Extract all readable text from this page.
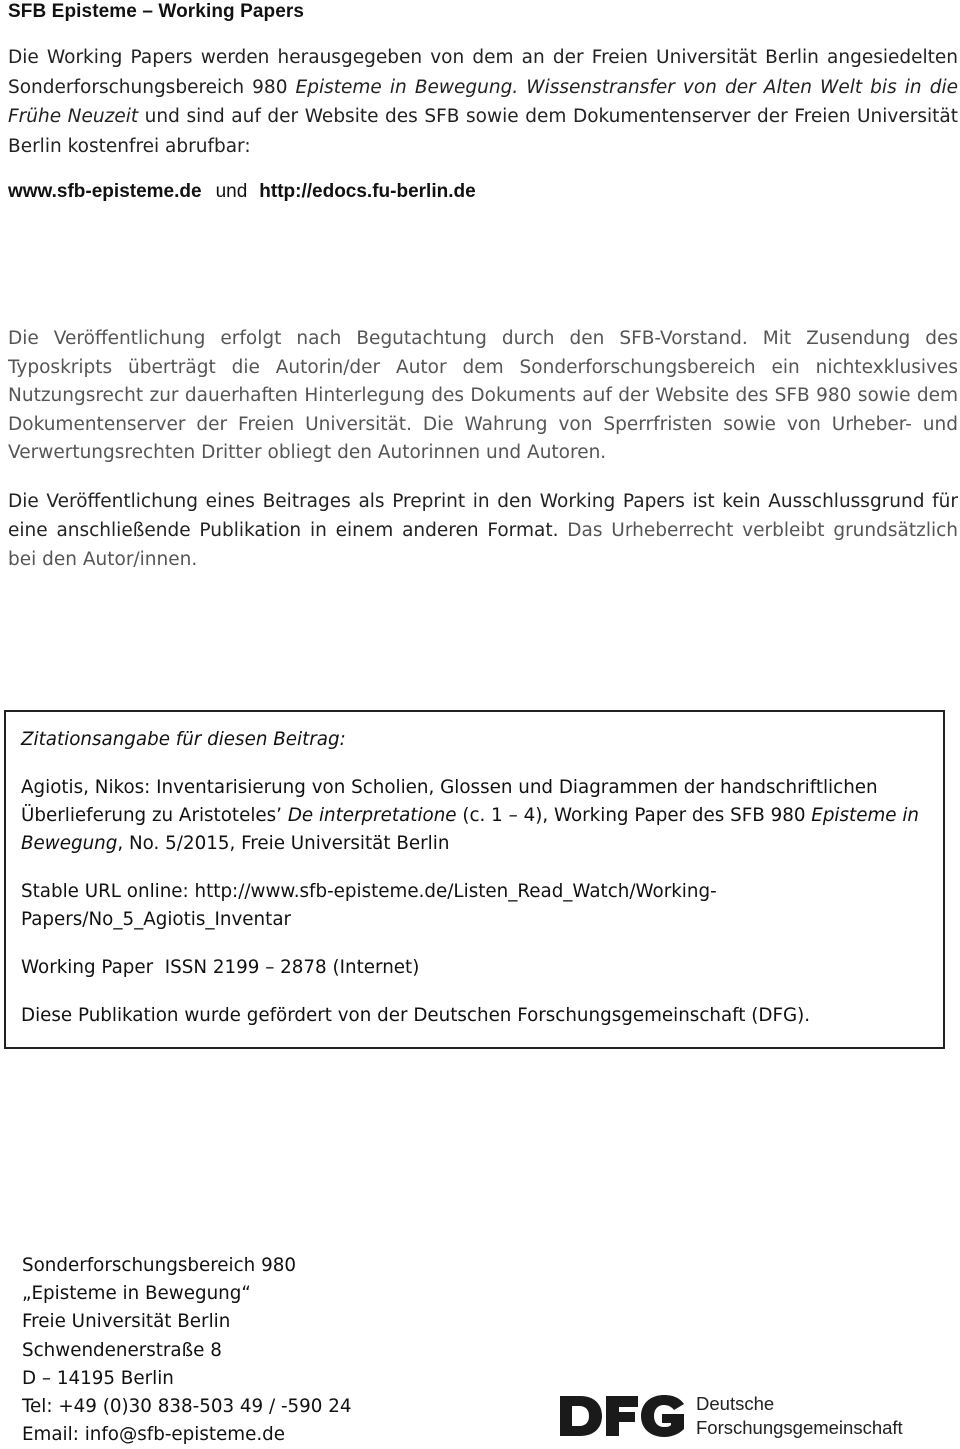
SFB Episteme – Working Papers
Die Working Papers werden herausgegeben von dem an der Freien Universität Berlin angesiedelten Sonderforschungsbereich 980 Episteme in Bewegung. Wissenstransfer von der Alten Welt bis in die Frühe Neuzeit und sind auf der Website des SFB sowie dem Dokumentenserver der Freien Universität Berlin kostenfrei abrufbar:
www.sfb-episteme.de und http://edocs.fu-berlin.de
Die Veröffentlichung erfolgt nach Begutachtung durch den SFB-Vorstand. Mit Zusendung des Typoskripts überträgt die Autorin/der Autor dem Sonderforschungsbereich ein nichtexklusives Nutzungsrecht zur dauerhaften Hinterlegung des Dokuments auf der Website des SFB 980 sowie dem Dokumentenserver der Freien Universität. Die Wahrung von Sperrfristen sowie von Urheber- und Verwertungsrechten Dritter obliegt den Autorinnen und Autoren.
Die Veröffentlichung eines Beitrages als Preprint in den Working Papers ist kein Ausschlussgrund für eine anschließende Publikation in einem anderen Format. Das Urheberrecht verbleibt grundsätzlich bei den Autor/innen.

Zitationsangabe für diesen Beitrag:

Agiotis, Nikos: Inventarisierung von Scholien, Glossen und Diagrammen der handschriftlichen Überlieferung zu Aristoteles’ De interpretatione (c. 1 – 4), Working Paper des SFB 980 Episteme in Bewegung, No. 5/2015, Freie Universität Berlin

Stable URL online: http://www.sfb-episteme.de/Listen_Read_Watch/Working-
Papers/No_5_Agiotis_Inventar

Working Paper  ISSN 2199 – 2878 (Internet)

Diese Publikation wurde gefördert von der Deutschen Forschungsgemeinschaft (DFG).

Sonderforschungsbereich 980
„Episteme in Bewegung“
Freie Universität Berlin
Schwendenerstraße 8
D – 14195 Berlin
Tel: +49 (0)30 838-503 49 / -590 24
Email: info@sfb-episteme.de
Deutsche
Forschungsgemeinschaft
